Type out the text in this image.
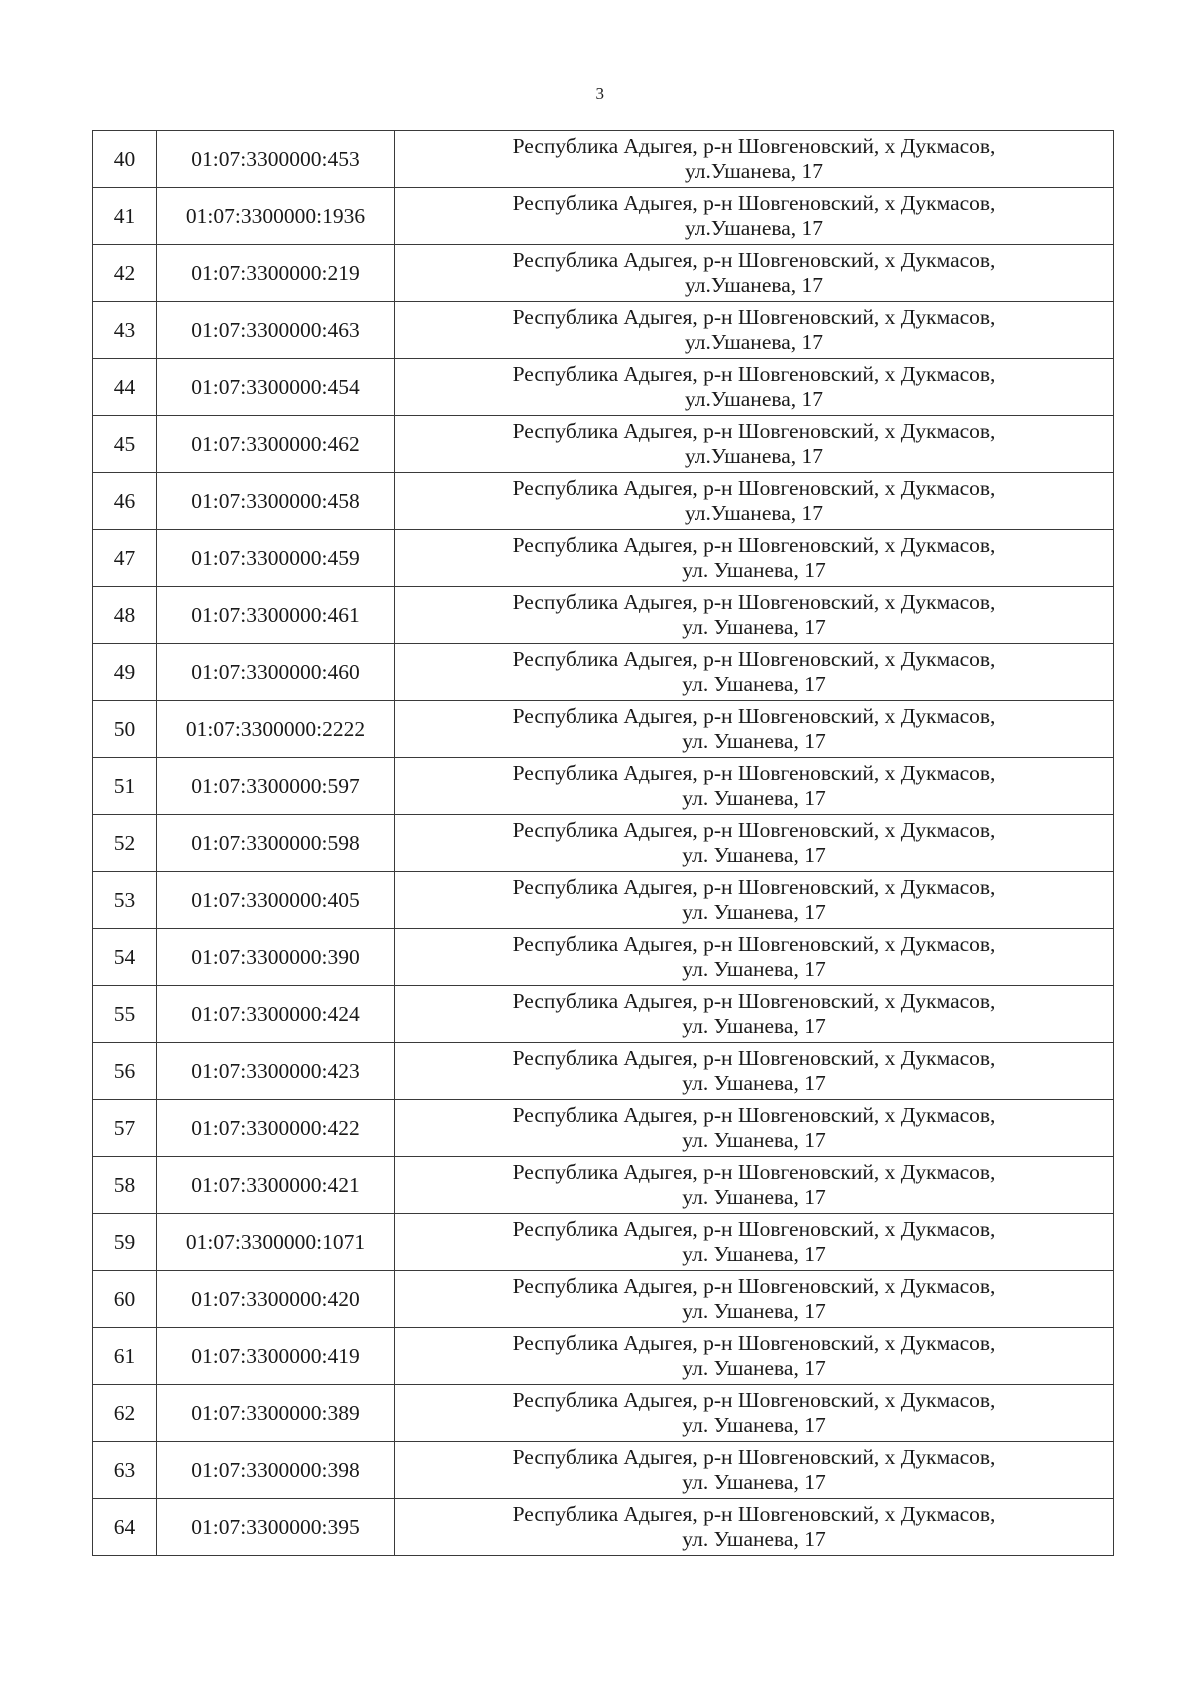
3
40	01:07:3300000:453	Республика Адыгея, р-н Шовгеновский, х Дукмасов,
ул.Ушанева, 17

41	01:07:3300000:1936	Республика Адыгея, р-н Шовгеновский, х Дукмасов,
ул.Ушанева, 17

42	01:07:3300000:219	Республика Адыгея, р-н Шовгеновский, х Дукмасов,
ул.Ушанева, 17

43	01:07:3300000:463	Республика Адыгея, р-н Шовгеновский, х Дукмасов,
ул.Ушанева, 17

44	01:07:3300000:454	Республика Адыгея, р-н Шовгеновский, х Дукмасов,
ул.Ушанева, 17

45	01:07:3300000:462	Республика Адыгея, р-н Шовгеновский, х Дукмасов,
ул.Ушанева, 17

46	01:07:3300000:458	Республика Адыгея, р-н Шовгеновский, х Дукмасов,
ул.Ушанева, 17

47	01:07:3300000:459	Республика Адыгея, р-н Шовгеновский, х Дукмасов,
ул. Ушанева, 17

48	01:07:3300000:461	Республика Адыгея, р-н Шовгеновский, х Дукмасов,
ул. Ушанева, 17

49	01:07:3300000:460	Республика Адыгея, р-н Шовгеновский, х Дукмасов,
ул. Ушанева, 17

50	01:07:3300000:2222	Республика Адыгея, р-н Шовгеновский, х Дукмасов,
ул. Ушанева, 17

51	01:07:3300000:597	Республика Адыгея, р-н Шовгеновский, х Дукмасов,
ул. Ушанева, 17

52	01:07:3300000:598	Республика Адыгея, р-н Шовгеновский, х Дукмасов,
ул. Ушанева, 17

53	01:07:3300000:405	Республика Адыгея, р-н Шовгеновский, х Дукмасов,
ул. Ушанева, 17

54	01:07:3300000:390	Республика Адыгея, р-н Шовгеновский, х Дукмасов,
ул. Ушанева, 17

55	01:07:3300000:424	Республика Адыгея, р-н Шовгеновский, х Дукмасов,
ул. Ушанева, 17

56	01:07:3300000:423	Республика Адыгея, р-н Шовгеновский, х Дукмасов,
ул. Ушанева, 17

57	01:07:3300000:422	Республика Адыгея, р-н Шовгеновский, х Дукмасов,
ул. Ушанева, 17

58	01:07:3300000:421	Республика Адыгея, р-н Шовгеновский, х Дукмасов,
ул. Ушанева, 17

59	01:07:3300000:1071	Республика Адыгея, р-н Шовгеновский, х Дукмасов,
ул. Ушанева, 17

60	01:07:3300000:420	Республика Адыгея, р-н Шовгеновский, х Дукмасов,
ул. Ушанева, 17

61	01:07:3300000:419	Республика Адыгея, р-н Шовгеновский, х Дукмасов,
ул. Ушанева, 17

62	01:07:3300000:389	Республика Адыгея, р-н Шовгеновский, х Дукмасов,
ул. Ушанева, 17

63	01:07:3300000:398	Республика Адыгея, р-н Шовгеновский, х Дукмасов,
ул. Ушанева, 17

64	01:07:3300000:395	Республика Адыгея, р-н Шовгеновский, х Дукмасов,
ул. Ушанева, 17
